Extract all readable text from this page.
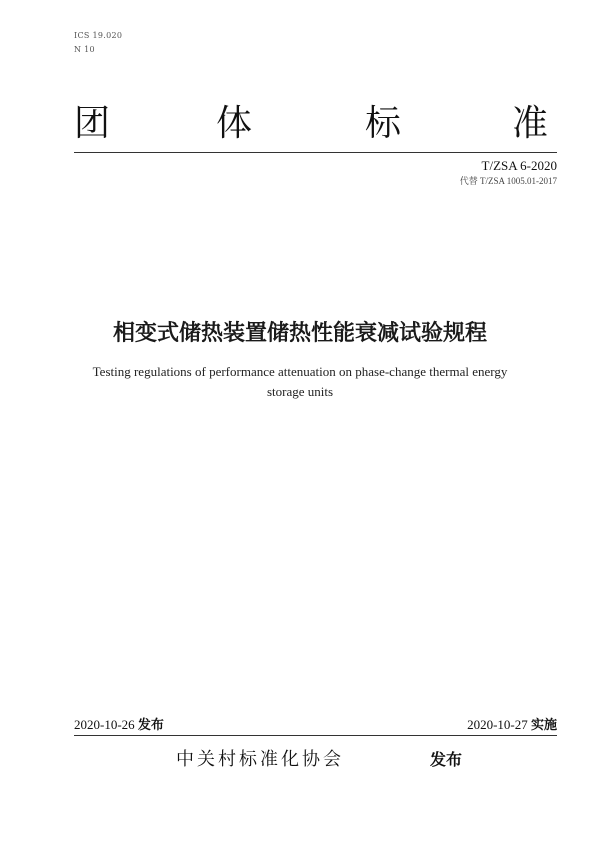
ICS 19.020
N 10
团	体	标	准
T/ZSA 6-2020
代替 T/ZSA 1005.01-2017
相变式储热装置储热性能衰减试验规程
Testing regulations of performance attenuation on phase-change thermal energy
storage units
2020-10-26 发布	2020-10-27 实施
中关村标准化协会	发布
